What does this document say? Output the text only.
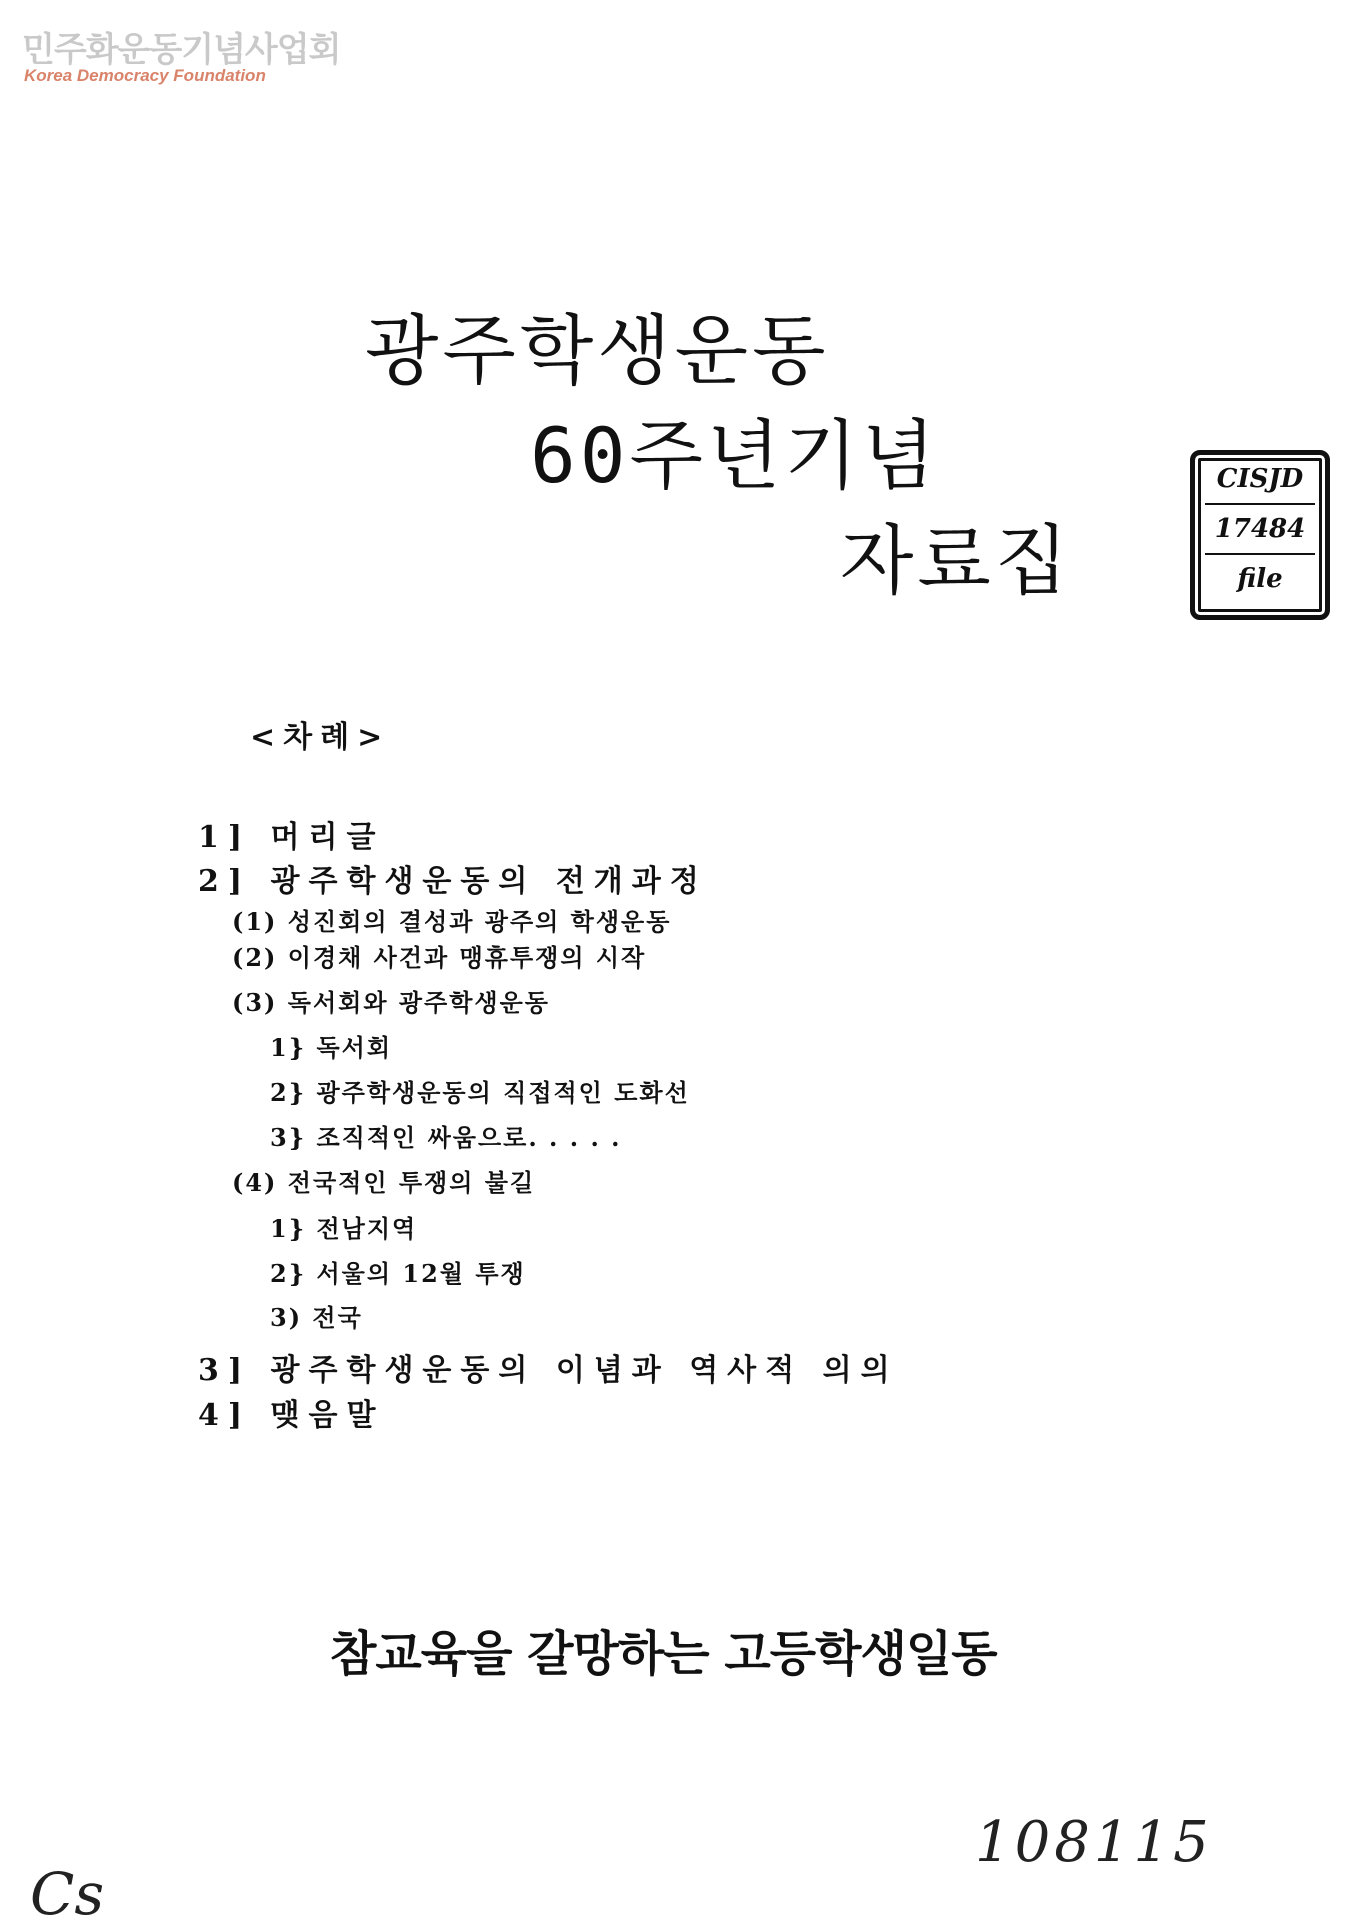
민주화운동기념사업회
Korea Democracy Foundation
광주학생운동
60주년기념
자료집
CISJD
17484
file
<차례>
1] 머리글
2] 광주학생운동의 전개과정
(1) 성진회의 결성과 광주의 학생운동
(2) 이경채 사건과 맹휴투쟁의 시작
(3) 독서회와 광주학생운동
1} 독서회
2} 광주학생운동의 직접적인 도화선
3} 조직적인 싸움으로. . . . .
(4) 전국적인 투쟁의 불길
1} 전남지역
2} 서울의 12월 투쟁
3) 전국
3] 광주학생운동의 이념과 역사적 의의
4] 맺음말
참교육을 갈망하는 고등학생일동
108115
Cs
